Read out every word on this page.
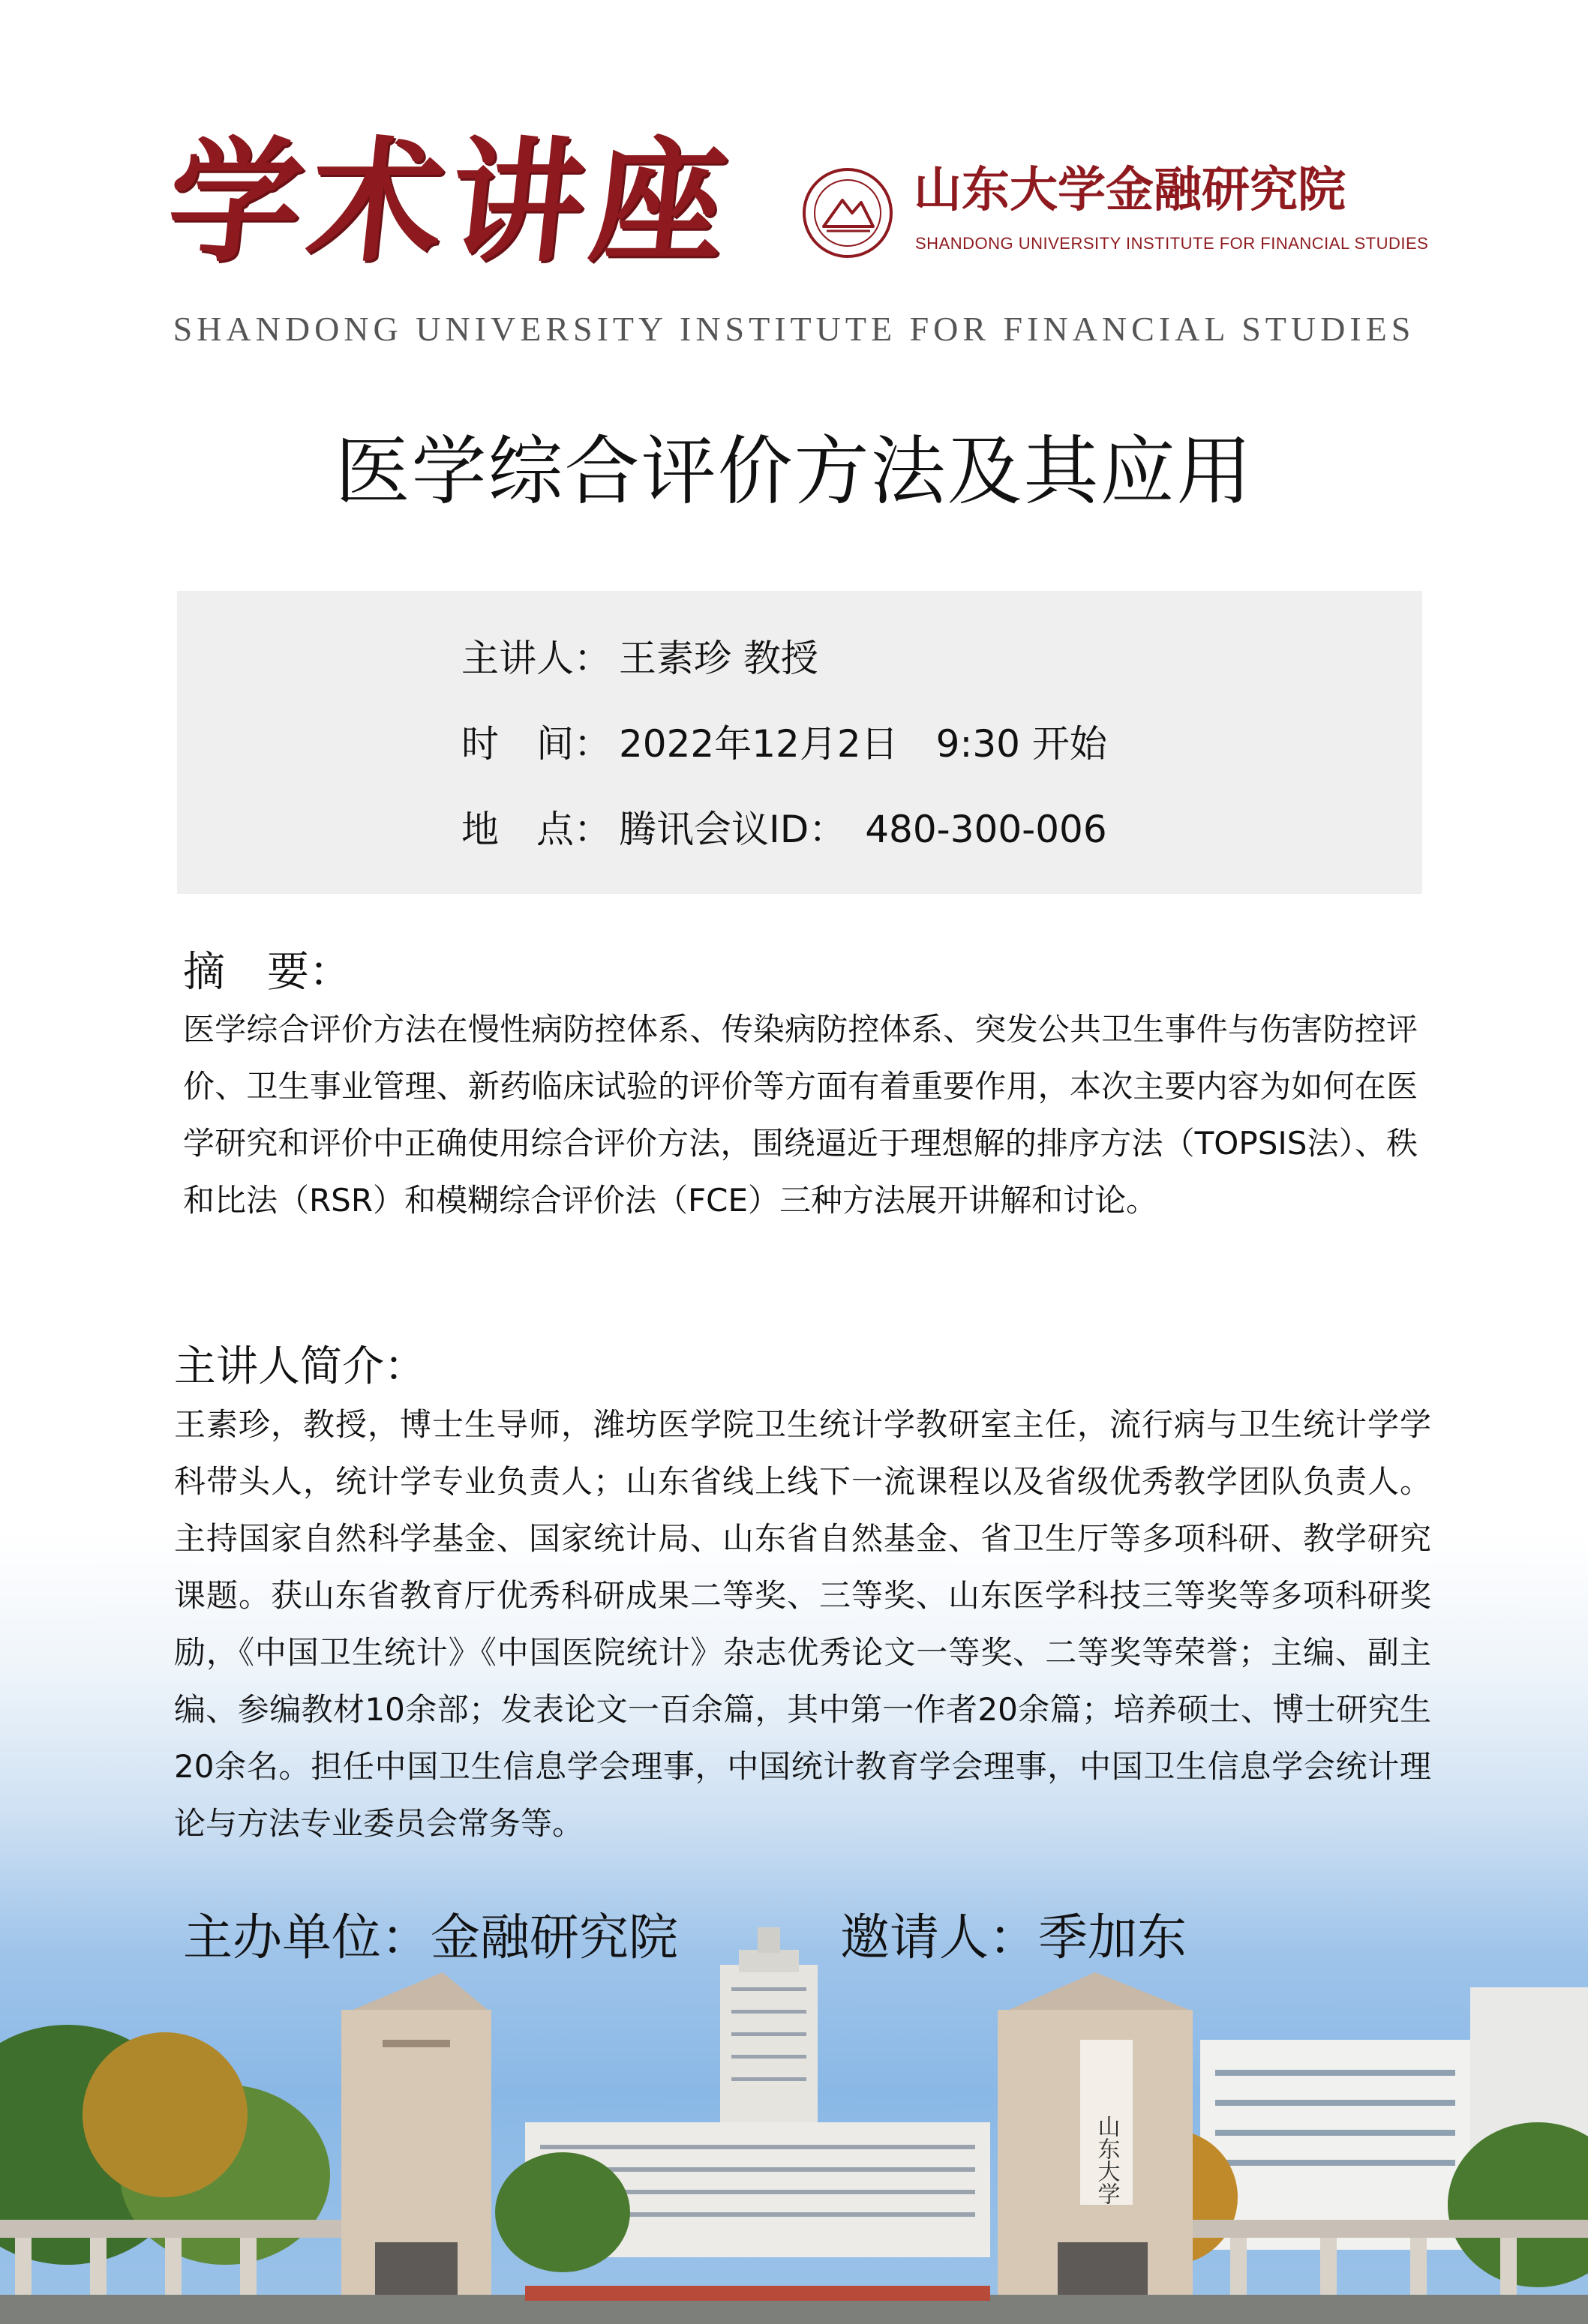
学术讲座	山东大学金融研究院
SHANDONG UNIVERSITY INSTITUTE FOR FINANCIAL STUDIES
SHANDONG UNIVERSITY INSTITUTE FOR FINANCIAL STUDIES
医学综合评价方法及其应用
主讲人： 王素珍 教授
时　间： 2022年12月2日　9:30 开始
地　点： 腾讯会议ID：　480-300-006
摘　要：
医学综合评价方法在慢性病防控体系、传染病防控体系、突发公共卫生事件与伤害防控评价、卫生事业管理、新药临床试验的评价等方面有着重要作用，本次主要内容为如何在医学研究和评价中正确使用综合评价方法，围绕逼近于理想解的排序方法（TOPSIS法）、秩和比法（RSR）和模糊综合评价法（FCE）三种方法展开讲解和讨论。
主讲人简介：
王素珍，教授，博士生导师，潍坊医学院卫生统计学教研室主任，流行病与卫生统计学学科带头人，统计学专业负责人；山东省线上线下一流课程以及省级优秀教学团队负责人。主持国家自然科学基金、国家统计局、山东省自然基金、省卫生厅等多项科研、教学研究课题。获山东省教育厅优秀科研成果二等奖、三等奖、山东医学科技三等奖等多项科研奖励，《中国卫生统计》《中国医院统计》杂志优秀论文一等奖、二等奖等荣誉；主编、副主编、参编教材10余部；发表论文一百余篇，其中第一作者20余篇；培养硕士、博士研究生20余名。担任中国卫生信息学会理事，中国统计教育学会理事，中国卫生信息学会统计理论与方法专业委员会常务等。
主办单位：金融研究院	邀请人：季加东
山东大学
